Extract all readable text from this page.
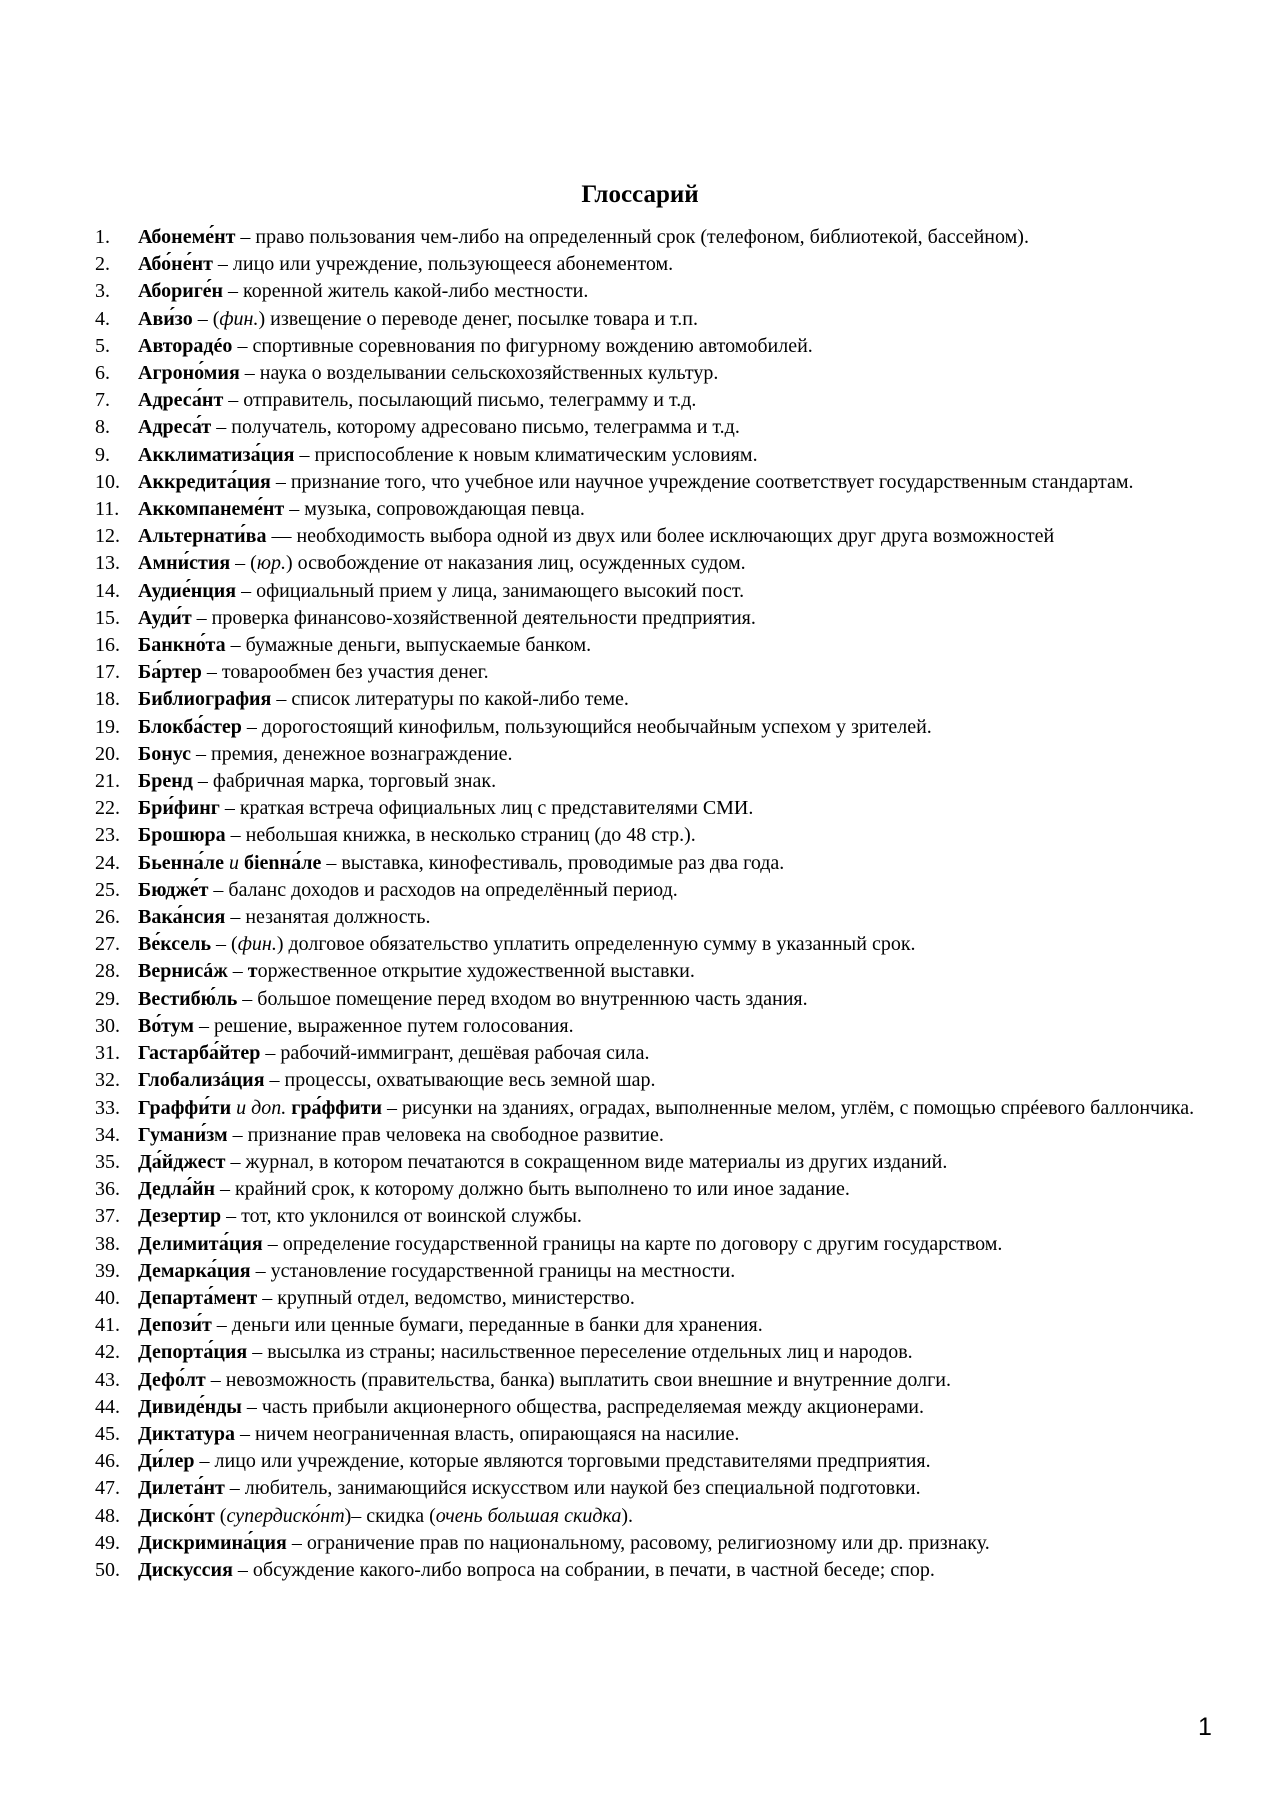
Глоссарий
1.	Абонеме́нт – право пользования чем-либо на определенный срок (телефоном, библиотекой, бассейном).
2.	Або́не́нт – лицо или учреждение, пользующееся абонементом.
3.	Абориге́н – коренной житель какой-либо местности.
4.	Ави́зо – (фин.) извещение о переводе денег, посылке товара и т.п.
5.	Авторадéо – спортивные соревнования по фигурному вождению автомобилей.
6.	Агроно́мия – наука о возделывании сельскохозяйственных культур.
7.	Адреса́нт – отправитель, посылающий письмо, телеграмму и т.д.
8.	Адреса́т – получатель, которому адресовано письмо, телеграмма и т.д.
9.	Акклиматиза́ция – приспособление к новым климатическим условиям.
10. Аккредита́ция – признание того, что учебное или научное учреждение соответствует государственным стандартам.
11. Аккомпанеме́нт – музыка, сопровождающая певца.
12. Альтернати́ва — необходимость выбора одной из двух или более исключающих друг друга возможностей
13. Амни́стия – (юр.) освобождение от наказания лиц, осужденных судом.
14. Аудие́нция – официальный прием у лица, занимающего высокий пост.
15. Ауди́т – проверка финансово-хозяйственной деятельности предприятия.
16. Банкно́та – бумажные деньги, выпускаемые банком.
17. Ба́ртер – товарообмен без участия денег.
18. Библиография – список литературы по какой-либо теме.
19. Блокба́стер – дорогостоящий кинофильм, пользующийся необычайным успехом у зрителей.
20. Бонус – премия, денежное вознаграждение.
21. Бренд – фабричная марка, торговый знак.
22. Бри́финг – краткая встреча официальных лиц с представителями СМИ.
23. Брошюра – небольшая книжка, в несколько страниц (до 48 стр.).
24. Бьенна́ле и бienна́ле – выставка, кинофестиваль, проводимые раз два года.
25. Бюдже́т – баланс доходов и расходов на определённый период.
26. Вака́нсия – незанятая должность.
27. Ве́ксель – (фин.) долговое обязательство уплатить определенную сумму в указанный срок.
28. Вернисáж – торжественное открытие художественной выставки.
29. Вестибю́ль – большое помещение перед входом во внутреннюю часть здания.
30. Во́тум – решение, выраженное путем голосования.
31. Гастарба́йтер – рабочий-иммигрант, дешёвая рабочая сила.
32. Глобализáция – процессы, охватывающие весь земной шар.
33. Граффи́ти и доп. гра́ффити – рисунки на зданиях, оградах, выполненные мелом, углём, с помощью спрéевого баллончика.
34. Гумани́зм – признание прав человека на свободное развитие.
35. Да́йджест – журнал, в котором печатаются в сокращенном виде материалы из других изданий.
36. Дедла́йн – крайний срок, к которому должно быть выполнено то или иное задание.
37. Дезертир – тот, кто уклонился от воинской службы.
38. Делимита́ция – определение государственной границы на карте по договору с другим государством.
39. Демарка́ция – установление государственной границы на местности.
40. Департа́мент – крупный отдел, ведомство, министерство.
41. Депози́т – деньги или ценные бумаги, переданные в банки для хранения.
42. Депорта́ция – высылка из страны; насильственное переселение отдельных лиц и народов.
43. Дефо́лт – невозможность (правительства, банка) выплатить свои внешние и внутренние долги.
44. Дивиде́нды – часть прибыли акционерного общества, распределяемая между акционерами.
45. Диктатура – ничем неограниченная власть, опирающаяся на насилие.
46. Ди́лер – лицо или учреждение, которые являются торговыми представителями предприятия.
47. Дилета́нт – любитель, занимающийся искусством или наукой без специальной подготовки.
48. Диско́нт (супердиско́нт)– скидка (очень большая скидка).
49. Дискримина́ция – ограничение прав по национальному, расовому, религиозному или др. признаку.
50. Дискуссия – обсуждение какого-либо вопроса на собрании, в печати, в частной беседе; спор.
1
